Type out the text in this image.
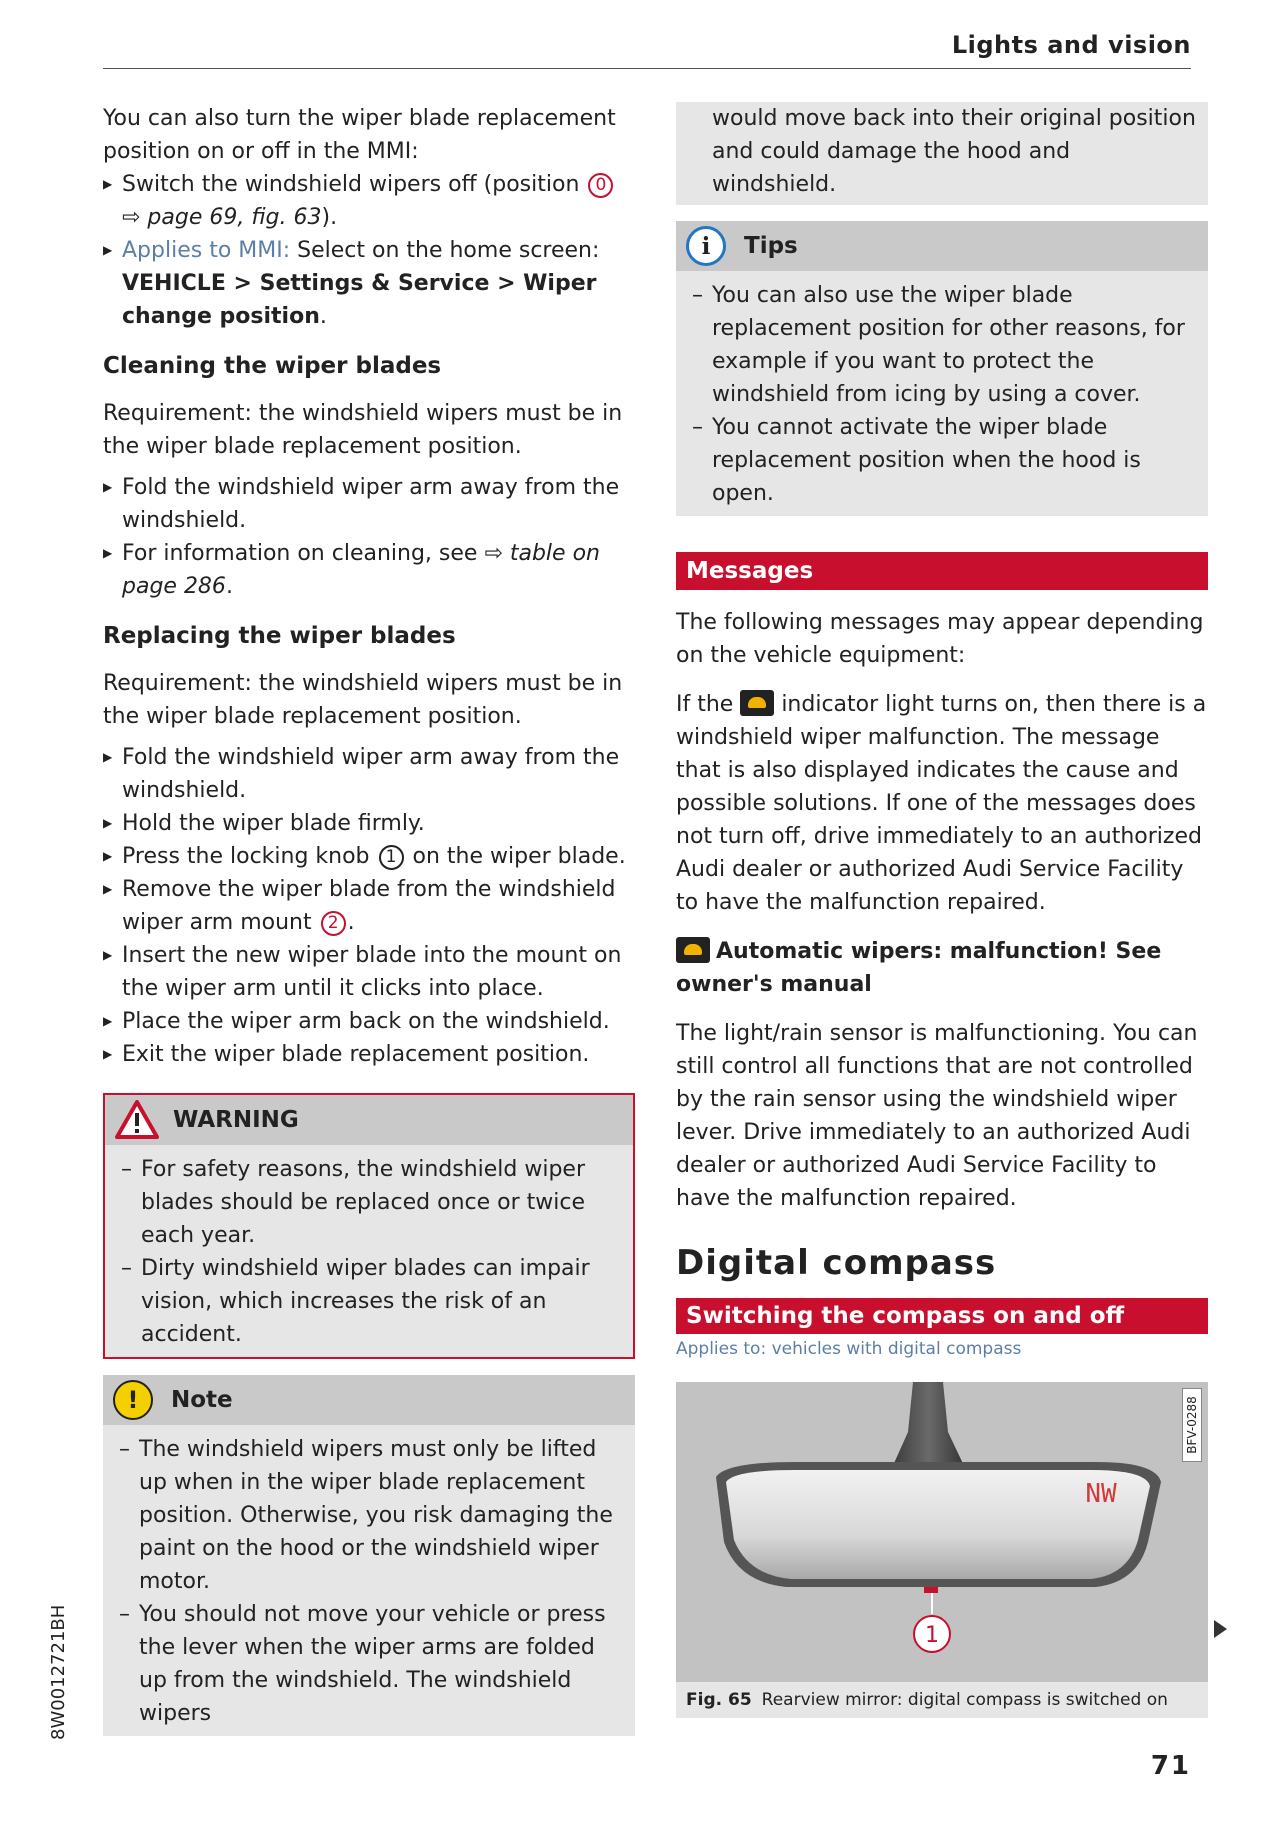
Lights and vision

You can also turn the wiper blade replacement position on or off in the MMI:

▶ Switch the windshield wipers off (position 0
⇨ page 69, fig. 63).

▶ Applies to MMI: Select on the home screen: VEHICLE > Settings & Service > Wiper change position.

Cleaning the wiper blades

Requirement: the windshield wipers must be in the wiper blade replacement position.

▶ Fold the windshield wiper arm away from the windshield.

▶ For information on cleaning, see ⇨ table on page 286.

Replacing the wiper blades

Requirement: the windshield wipers must be in the wiper blade replacement position.

▶ Fold the windshield wiper arm away from the windshield.

▶ Hold the wiper blade firmly.

▶ Press the locking knob 1 on the wiper blade.

▶ Remove the wiper blade from the windshield wiper arm mount 2 .

▶ Insert the new wiper blade into the mount on the wiper arm until it clicks into place.

▶ Place the wiper arm back on the windshield.

▶ Exit the wiper blade replacement position.

WARNING

– For safety reasons, the windshield wiper blades should be replaced once or twice each year.

– Dirty windshield wiper blades can impair vision, which increases the risk of an accident.

!	Note

– The windshield wipers must only be lifted up when in the wiper blade replacement position. Otherwise, you risk damaging the paint on the hood or the windshield wiper motor.

– You should not move your vehicle or press the lever when the wiper arms are folded up from the windshield. The windshield wipers

would move back into their original position and could damage the hood and windshield.

i	Tips

– You can also use the wiper blade replacement position for other reasons, for example if you want to protect the windshield from icing by using a cover.

– You cannot activate the wiper blade replacement position when the hood is open.

Messages

The following messages may appear depending on the vehicle equipment:

If the  indicator light turns on, then there is a windshield wiper malfunction. The message that is also displayed indicates the cause and possible solutions. If one of the messages does not turn off, drive immediately to an authorized Audi dealer or authorized Audi Service Facility to have the malfunction repaired.

Automatic wipers: malfunction! See owner's manual

The light/rain sensor is malfunctioning. You can still control all functions that are not controlled by the rain sensor using the windshield wiper lever. Drive immediately to an authorized Audi dealer or authorized Audi Service Facility to have the malfunction repaired.

Digital compass
Switching the compass on and off

Applies to: vehicles with digital compass

1
NW
BFV-0288
Fig. 65 Rearview mirror: digital compass is switched on
8W0012721BH
71
